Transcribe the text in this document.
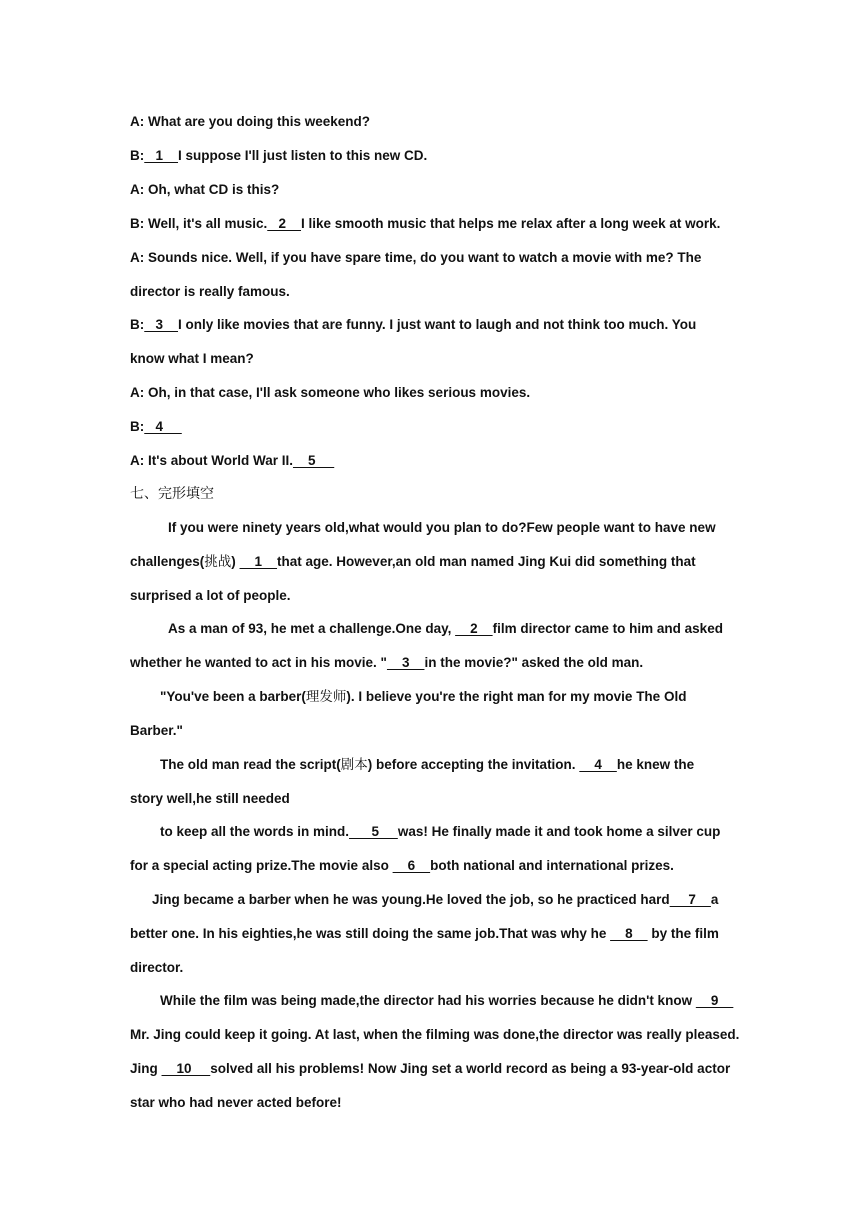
A: What are you doing this weekend?
B:   1    I suppose I'll just listen to this new CD.
A: Oh, what CD is this?
B: Well, it's all music.   2    I like smooth music that helps me relax after a long week at work.
A: Sounds nice. Well, if you have spare time, do you want to watch a movie with me? The
director is really famous.
B:   3    I only like movies that are funny. I just want to laugh and not think too much. You
know what I mean?
A: Oh, in that case, I'll ask someone who likes serious movies.
B:   4
A: It's about World War II.    5
七、完形填空
If you were ninety years old,what would you plan to do?Few people want to have new
challenges(挑战)     1    that age. However,an old man named Jing Kui did something that
surprised a lot of people.
As a man of 93, he met a challenge.One day,     2    film director came to him and asked
whether he wanted to act in his movie. "    3    in the movie?" asked the old man.
"You've been a barber(理发师). I believe you're the right man for my movie The Old
Barber."
The old man read the script(剧本) before accepting the invitation.     4    he knew the
story well,he still needed
to keep all the words in mind.      5     was! He finally made it and took home a silver cup
for a special acting prize.The movie also     6    both national and international prizes.
Jing became a barber when he was young.He loved the job, so he practiced hard     7    a
better one. In his eighties,he was still doing the same job.That was why he     8     by the film
director.
While the film was being made,the director had his worries because he didn't know     9
Mr. Jing could keep it going. At last, when the filming was done,the director was really pleased.
Jing     10     solved all his problems! Now Jing set a world record as being a 93-year-old actor
star who had never acted before!
